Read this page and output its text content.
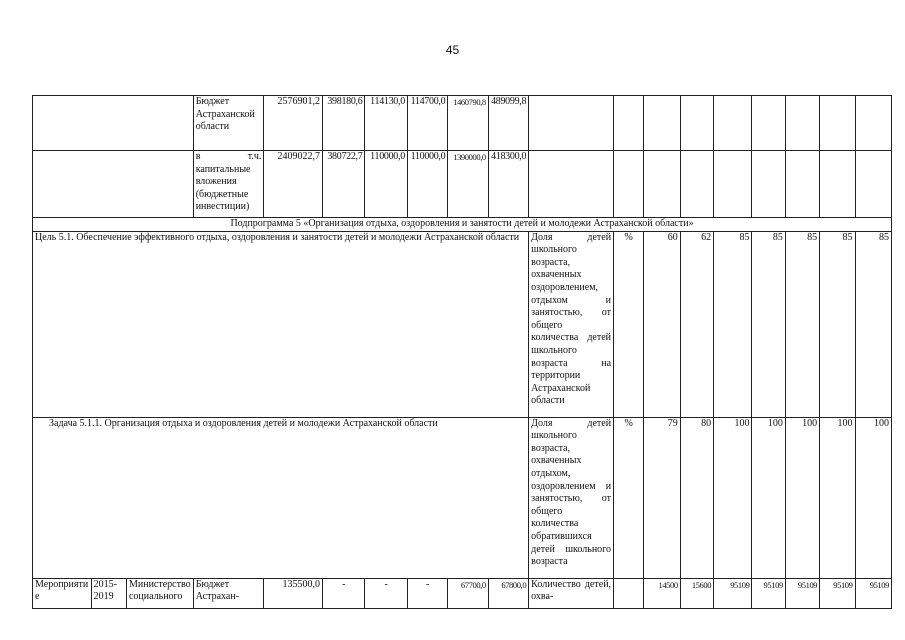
45
			Бюджет Астраханской области	2576901,2	398180,6	114130,0	114700,0	1460790,8	489099,8									
			в т.ч. капитальные вложения (бюджетные инвестиции)	2409022,7	380722,7	110000,0	110000,0	1390000,0	418300,0									
Подпрограмма 5 «Организация отдыха, оздоровления и занятости детей и молодежи Астраханской области»																		
Цель 5.1. Обеспечение эффективного отдыха, оздоровления и занятости детей и молодежи Астраханской области										Доля детей школьного возраста, охваченных оздоровлением, отдыхом и занятостью, от общего количества детей школьного возраста на территории Астраханской области	%	60	62	85	85	85	85	85
Задача 5.1.1. Организация отдыха и оздоровления детей и молодежи Астраханской области										Доля детей школьного возраста, охваченных отдыхом, оздоровлением и занятостью, от общего количества обратившихся детей школьного возраста	%	79	80	100	100	100	100	100
Мероприятие	2015-2019	Министерство социального	Бюджет Астрахан-	135500,0	-	-	-	67700,0	67800,0	Количество детей, охва-		14500	15600	95109	95109	95109	95109	95109
